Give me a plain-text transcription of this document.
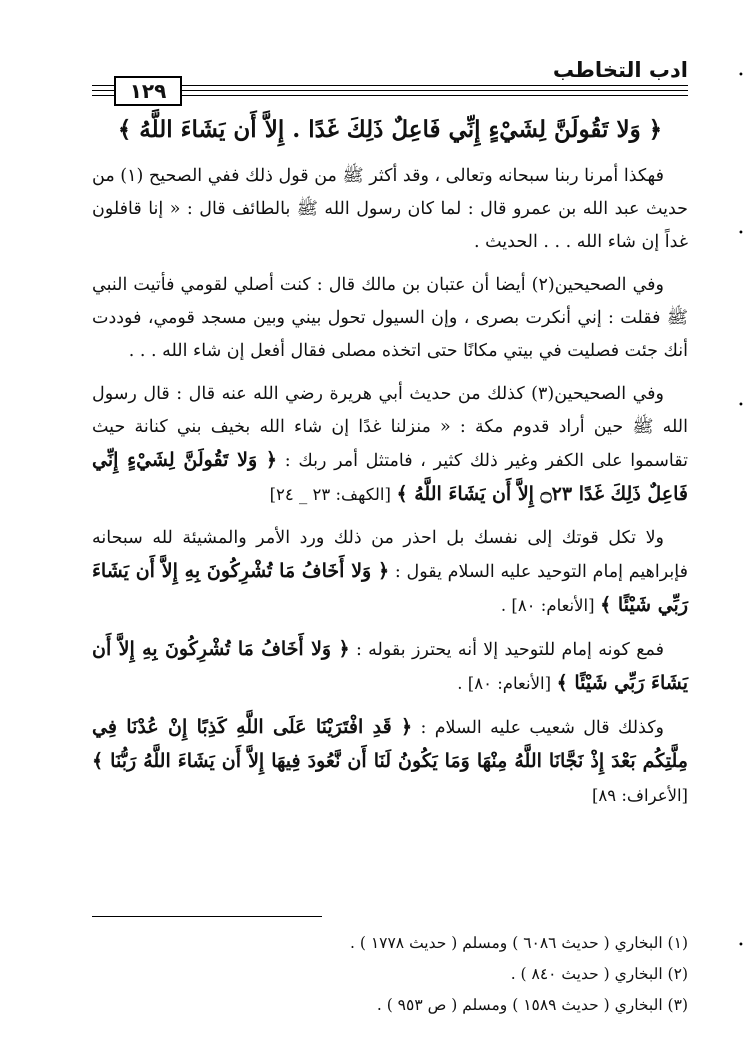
ادب التخاطب
١٢٩
﴿ وَلا تَقُولَنَّ لِشَيْءٍ إِنِّي فَاعِلٌ ذَلِكَ غَدًا . إِلاَّ أَن يَشَاءَ اللَّهُ ﴾

فهكذا أمرنا ربنا سبحانه وتعالى ، وقد أكثر ﷺ من قول ذلك ففي الصحيح (١) من حديث عبد الله بن عمرو قال : لما كان رسول الله ﷺ بالطائف قال : « إنا قافلون غداً إن شاء الله . . . الحديث .

وفي الصحيحين(٢) أيضا أن عتبان بن مالك قال : كنت أصلي لقومي فأتيت النبي ﷺ فقلت : إني أنكرت بصرى ، وإن السيول تحول بيني وبين مسجد قومي، فوددت أنك جئت فصليت في بيتي مكانًا حتى اتخذه مصلى فقال أفعل إن شاء الله . . .

وفي الصحيحين(٣) كذلك من حديث أبي هريرة رضي الله عنه قال : قال رسول الله ﷺ حين أراد قدوم مكة : « منزلنا غدًا إن شاء الله بخيف بني كنانة حيث تقاسموا على الكفر وغير ذلك كثير ، فامتثل أمر ربك : ﴿ وَلا تَقُولَنَّ لِشَيْءٍ إِنِّي فَاعِلٌ ذَلِكَ غَدًا ۝٢٣ إِلاَّ أَن يَشَاءَ اللَّهُ ﴾ [الكهف: ٢٣ _ ٢٤]

ولا تكل قوتك إلى نفسك بل احذر من ذلك ورد الأمر والمشيئة لله سبحانه فإبراهيم إمام التوحيد عليه السلام يقول : ﴿ وَلا أَخَافُ مَا تُشْرِكُونَ بِهِ إِلاَّ أَن يَشَاءَ رَبِّي شَيْئًا ﴾ [الأنعام: ٨٠] .

فمع كونه إمام للتوحيد إلا أنه يحترز بقوله : ﴿ وَلا أَخَافُ مَا تُشْرِكُونَ بِهِ إِلاَّ أَن يَشَاءَ رَبِّي شَيْئًا ﴾ [الأنعام: ٨٠] .

وكذلك قال شعيب عليه السلام : ﴿ قَدِ افْتَرَيْنَا عَلَى اللَّهِ كَذِبًا إِنْ عُدْنَا فِي مِلَّتِكُم بَعْدَ إِذْ نَجَّانَا اللَّهُ مِنْهَا وَمَا يَكُونُ لَنَا أَن نَّعُودَ فِيهَا إِلاَّ أَن يَشَاءَ اللَّهُ رَبُّنَا ﴾ [الأعراف: ٨٩]

(١) البخاري ( حديث ٦٠٨٦ ) ومسلم ( حديث ١٧٧٨ ) .

(٢) البخاري ( حديث ٨٤٠ ) .

(٣) البخاري ( حديث ١٥٨٩ ) ومسلم ( ص ٩٥٣ ) .

•
•
•
•
